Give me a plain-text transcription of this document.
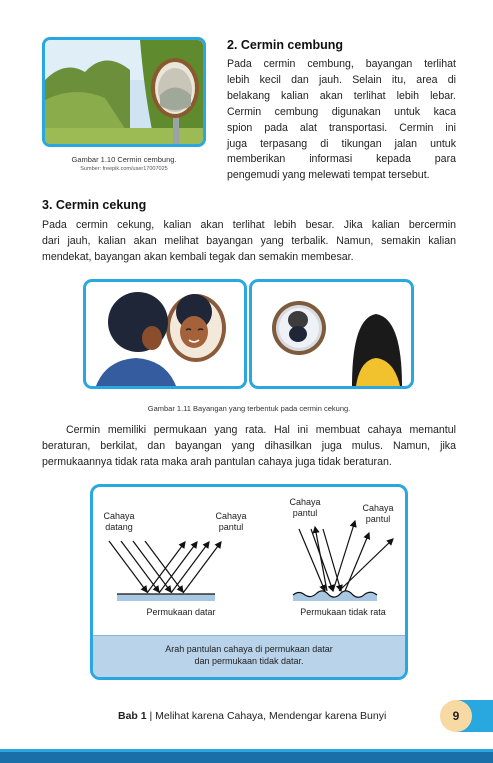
Gambar 1.10 Cermin cembung.
Sumber: freepik.com/user17007025
2. Cermin cembung
Pada cermin cembung, bayangan terlihat
lebih kecil dan jauh. Selain itu, area di
belakang kalian akan terlihat lebih lebar.
Cermin cembung digunakan untuk kaca
spion pada alat transportasi. Cermin ini
juga terpasang di tikungan jalan untuk
memberikan informasi kepada para
pengemudi yang melewati tempat tersebut.
3. Cermin cekung
Pada cermin cekung, kalian akan terlihat lebih besar. Jika kalian bercermin
dari jauh, kalian akan melihat bayangan yang terbalik. Namun, semakin kalian
mendekat, bayangan akan kembali tegak dan semakin membesar.
Gambar 1.11 Bayangan yang terbentuk pada cermin cekung.
Cermin memiliki permukaan yang rata. Hal ini membuat cahaya memantul
beraturan, berkilat, dan bayangan yang dihasilkan juga mulus. Namun, jika
permukaannya tidak rata maka arah pantulan cahaya juga tidak beraturan.
Cahaya
datang
Cahaya
pantul
Permukaan datar
Cahaya
pantul	Cahaya
pantul
Permukaan tidak rata
Arah pantulan cahaya di permukaan datar
dan permukaan tidak datar.
Bab 1 | Melihat karena Cahaya, Mendengar karena Bunyi	9
